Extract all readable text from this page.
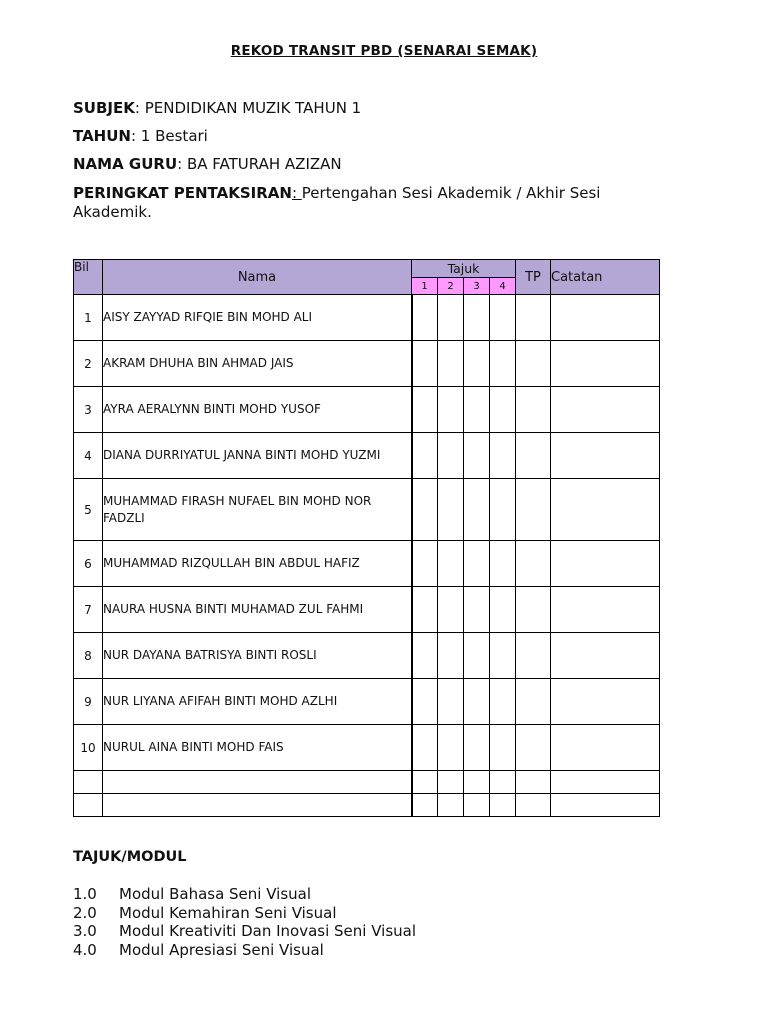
REKOD TRANSIT PBD (SENARAI SEMAK)
SUBJEK: PENDIDIKAN MUZIK TAHUN 1
TAHUN: 1 Bestari
NAMA GURU: BA FATURAH AZIZAN
PERINGKAT PENTAKSIRAN: Pertengahan Sesi Akademik / Akhir Sesi Akademik.
Bil	Nama	Tajuk				TP	Catatan
		1	2	3	4		
1	AISY ZAYYAD RIFQIE BIN MOHD ALI						
2	AKRAM DHUHA BIN AHMAD JAIS						
3	AYRA AERALYNN BINTI MOHD YUSOF						
4	DIANA DURRIYATUL JANNA BINTI MOHD YUZMI						
5	MUHAMMAD FIRASH NUFAEL BIN MOHD NOR FADZLI						
6	MUHAMMAD RIZQULLAH BIN ABDUL HAFIZ						
7	NAURA HUSNA BINTI MUHAMAD ZUL FAHMI						
8	NUR DAYANA BATRISYA BINTI ROSLI						
9	NUR LIYANA AFIFAH BINTI MOHD AZLHI						
10	NURUL AINA BINTI MOHD FAIS						

TAJUK/MODUL
1.0	Modul Bahasa Seni Visual
2.0	Modul Kemahiran Seni Visual
3.0	Modul Kreativiti Dan Inovasi Seni Visual
4.0	Modul Apresiasi Seni Visual
